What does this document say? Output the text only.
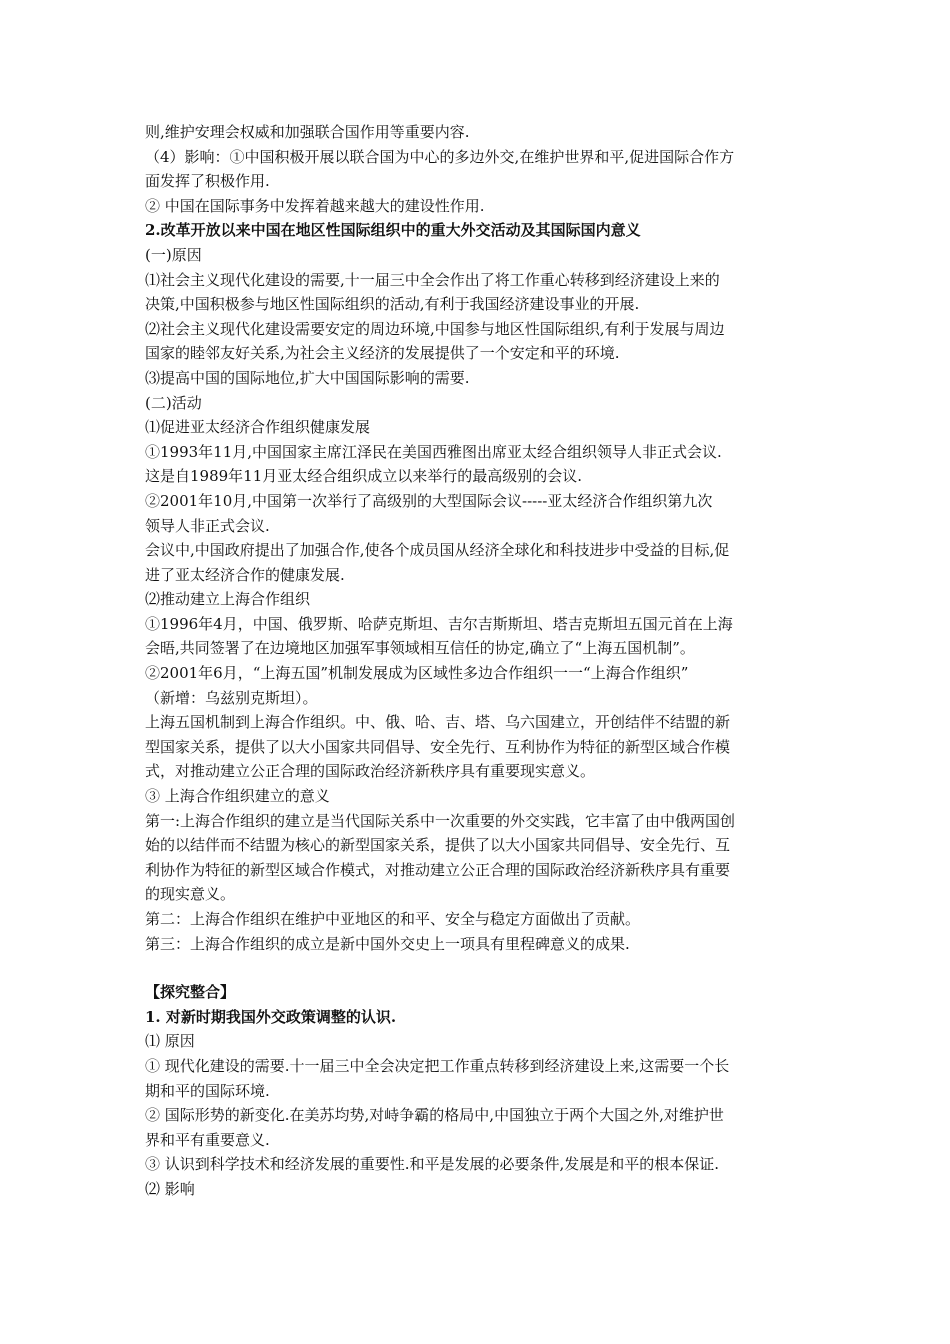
则,维护安理会权威和加强联合国作用等重要内容.
（4）影响：①中国积极开展以联合国为中心的多边外交,在维护世界和平,促进国际合作方
面发挥了积极作用.
② 中国在国际事务中发挥着越来越大的建设性作用.
2.改革开放以来中国在地区性国际组织中的重大外交活动及其国际国内意义
(一)原因
⑴社会主义现代化建设的需要,十一届三中全会作出了将工作重心转移到经济建设上来的
决策,中国积极参与地区性国际组织的活动,有利于我国经济建设事业的开展.
⑵社会主义现代化建设需要安定的周边环境,中国参与地区性国际组织,有利于发展与周边
国家的睦邻友好关系,为社会主义经济的发展提供了一个安定和平的环境.
⑶提高中国的国际地位,扩大中国国际影响的需要.
(二)活动
⑴促进亚太经济合作组织健康发展
①1993年11月,中国国家主席江泽民在美国西雅图出席亚太经合组织领导人非正式会议.
这是自1989年11月亚太经合组织成立以来举行的最高级别的会议.
②2001年10月,中国第一次举行了高级别的大型国际会议-----亚太经济合作组织第九次
领导人非正式会议.
会议中,中国政府提出了加强合作,使各个成员国从经济全球化和科技进步中受益的目标,促
进了亚太经济合作的健康发展.
⑵推动建立上海合作组织
①1996年4月，中国、俄罗斯、哈萨克斯坦、吉尔吉斯斯坦、塔吉克斯坦五国元首在上海
会晤,共同签署了在边境地区加强军事领域相互信任的协定,确立了“上海五国机制”。
②2001年6月，“上海五国”机制发展成为区域性多边合作组织一一“上海合作组织”
（新增：乌兹别克斯坦）。
上海五国机制到上海合作组织。中、俄、哈、吉、塔、乌六国建立，开创结伴不结盟的新
型国家关系，提供了以大小国家共同倡导、安全先行、互利协作为特征的新型区域合作模
式，对推动建立公正合理的国际政治经济新秩序具有重要现实意义。
③ 上海合作组织建立的意义
第一:上海合作组织的建立是当代国际关系中一次重要的外交实践，它丰富了由中俄两国创
始的以结伴而不结盟为核心的新型国家关系，提供了以大小国家共同倡导、安全先行、互
利协作为特征的新型区域合作模式，对推动建立公正合理的国际政治经济新秩序具有重要
的现实意义。
第二：上海合作组织在维护中亚地区的和平、安全与稳定方面做出了贡献。
第三：上海合作组织的成立是新中国外交史上一项具有里程碑意义的成果.
【探究整合】
1. 对新时期我国外交政策调整的认识.
⑴ 原因
① 现代化建设的需要.十一届三中全会决定把工作重点转移到经济建设上来,这需要一个长
期和平的国际环境.
② 国际形势的新变化.在美苏均势,对峙争霸的格局中,中国独立于两个大国之外,对维护世
界和平有重要意义.
③ 认识到科学技术和经济发展的重要性.和平是发展的必要条件,发展是和平的根本保证.
⑵ 影响
